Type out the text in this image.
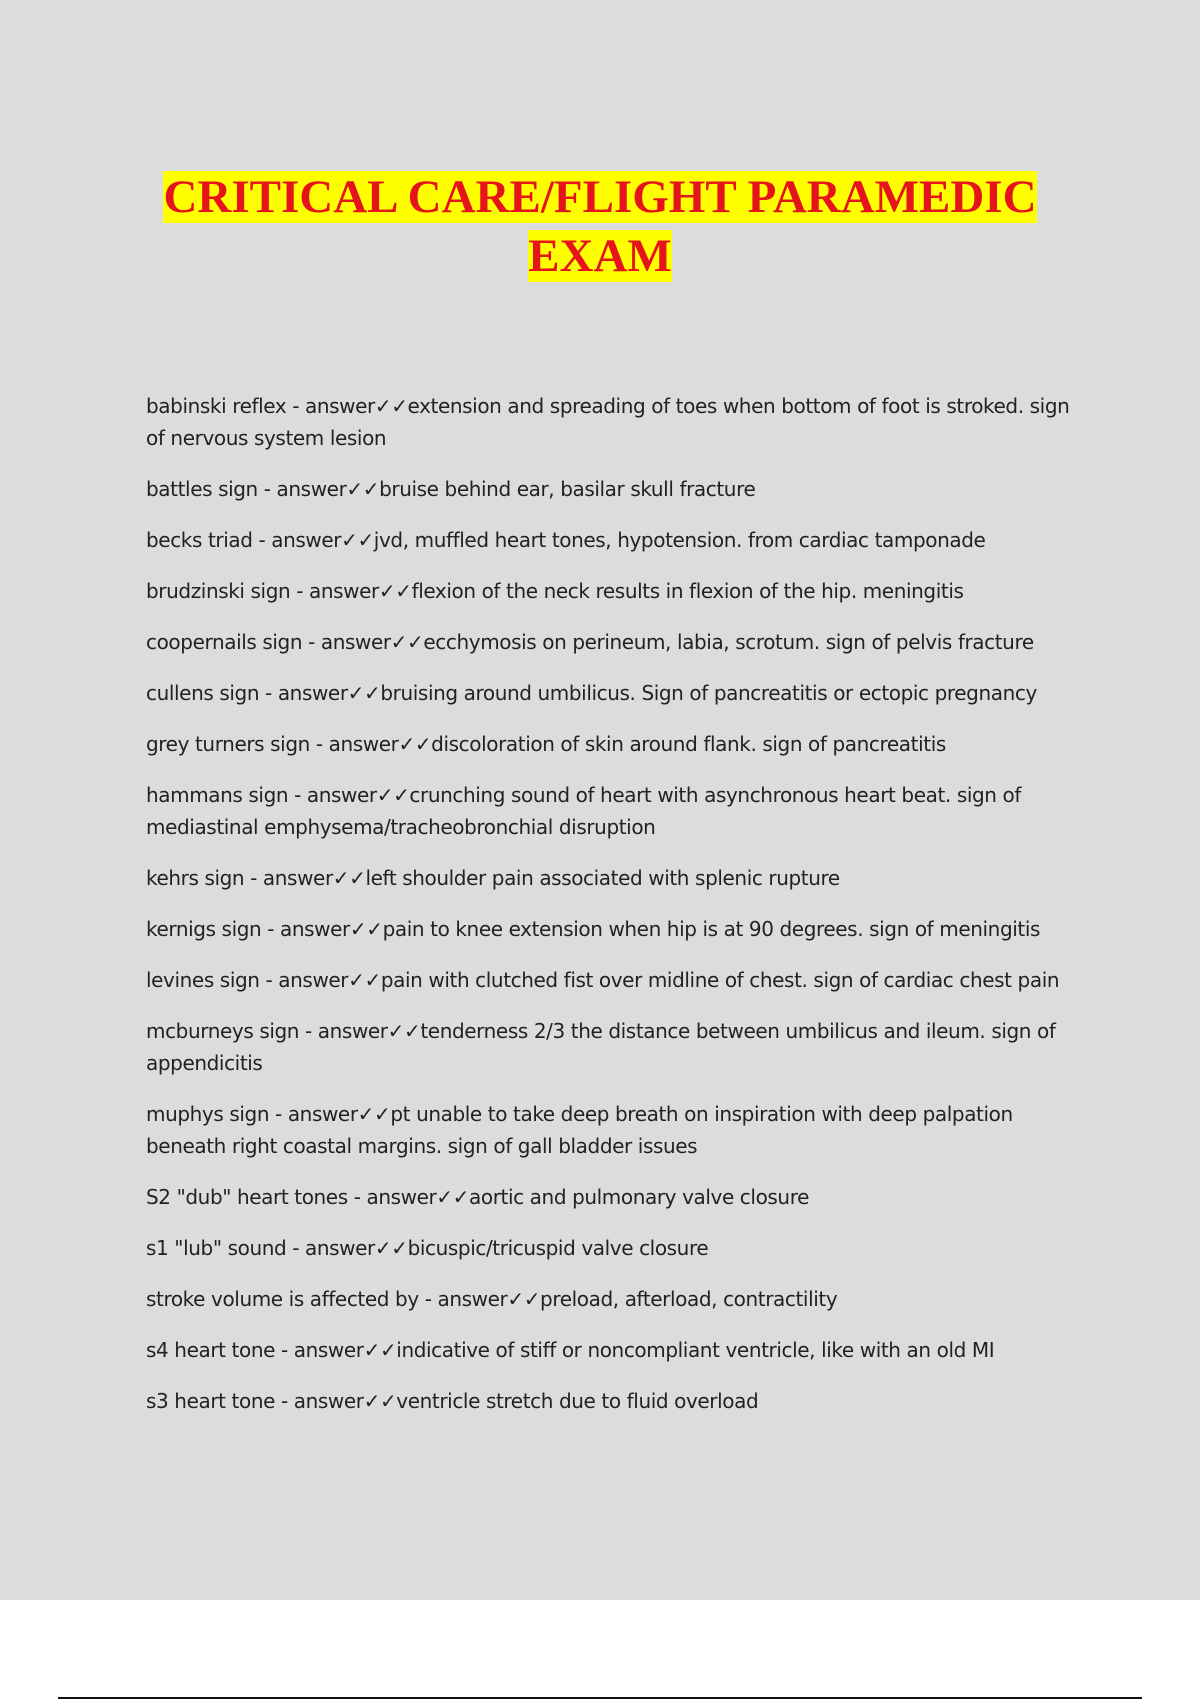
CRITICAL CARE/FLIGHT PARAMEDIC
EXAM
babinski reflex - answer✓✓extension and spreading of toes when bottom of foot is stroked. sign of nervous system lesion
battles sign - answer✓✓bruise behind ear, basilar skull fracture
becks triad - answer✓✓jvd, muffled heart tones, hypotension. from cardiac tamponade
brudzinski sign - answer✓✓flexion of the neck results in flexion of the hip. meningitis
coopernails sign - answer✓✓ecchymosis on perineum, labia, scrotum. sign of pelvis fracture
cullens sign - answer✓✓bruising around umbilicus. Sign of pancreatitis or ectopic pregnancy
grey turners sign - answer✓✓discoloration of skin around flank. sign of pancreatitis
hammans sign - answer✓✓crunching sound of heart with asynchronous heart beat. sign of mediastinal emphysema/tracheobronchial disruption
kehrs sign - answer✓✓left shoulder pain associated with splenic rupture
kernigs sign - answer✓✓pain to knee extension when hip is at 90 degrees. sign of meningitis
levines sign - answer✓✓pain with clutched fist over midline of chest. sign of cardiac chest pain
mcburneys sign - answer✓✓tenderness 2/3 the distance between umbilicus and ileum. sign of appendicitis
muphys sign - answer✓✓pt unable to take deep breath on inspiration with deep palpation beneath right coastal margins. sign of gall bladder issues
S2 "dub" heart tones - answer✓✓aortic and pulmonary valve closure
s1 "lub" sound - answer✓✓bicuspic/tricuspid valve closure
stroke volume is affected by - answer✓✓preload, afterload, contractility
s4 heart tone - answer✓✓indicative of stiff or noncompliant ventricle, like with an old MI
s3 heart tone - answer✓✓ventricle stretch due to fluid overload
